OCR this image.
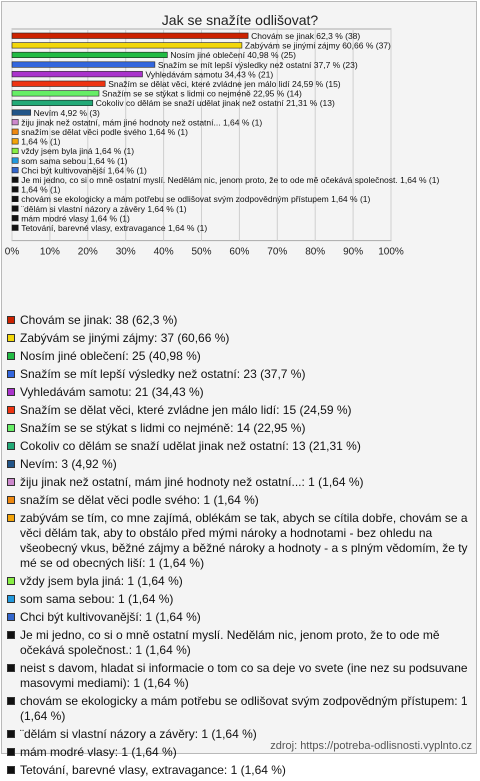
Jak se snažíte odlišovat?
0% 10% 20% 30% 40% 50% 60% 70% 80% 90% 100%
Chovám se jinak 62,3 % (38)
Zabývám se jinými zájmy 60,66 % (37)
Nosím jiné oblečení 40,98 % (25)
Snažím se mít lepší výsledky než ostatní 37,7 % (23)
Vyhledávám samotu 34,43 % (21)
Snažím se dělat věci, které zvládne jen málo lidí 24,59 % (15)
Snažím se se stýkat s lidmi co nejméně 22,95 % (14)
Cokoliv co dělám se snaží udělat jinak než ostatní 21,31 % (13)
Nevím 4,92 % (3)
žiju jinak než ostatní, mám jiné hodnoty než ostatní... 1,64 % (1)
snažím se dělat věci podle svého 1,64 % (1)
1,64 % (1)
vždy jsem byla jiná 1,64 % (1)
som sama sebou 1,64 % (1)
Chci být kultivovanější 1,64 % (1)
Je mi jedno, co si o mně ostatní myslí. Nedělám nic, jenom proto, že to ode mě očekává společnost. 1,64 % (1)
1,64 % (1)
chovám se ekologicky a mám potřebu se odlišovat svým zodpovědným přístupem 1,64 % (1)
¨dělám si vlastní názory a závěry 1,64 % (1)
mám modré vlasy 1,64 % (1)
Tetování, barevné vlasy, extravagance 1,64 % (1)
Chovám se jinak: 38 (62,3 %)
Zabývám se jinými zájmy: 37 (60,66 %)
Nosím jiné oblečení: 25 (40,98 %)
Snažím se mít lepší výsledky než ostatní: 23 (37,7 %)
Vyhledávám samotu: 21 (34,43 %)
Snažím se dělat věci, které zvládne jen málo lidí: 15 (24,59 %)
Snažím se se stýkat s lidmi co nejméně: 14 (22,95 %)
Cokoliv co dělám se snaží udělat jinak než ostatní: 13 (21,31 %)
Nevím: 3 (4,92 %)
žiju jinak než ostatní, mám jiné hodnoty než ostatní...: 1 (1,64 %)
snažím se dělat věci podle svého: 1 (1,64 %)
zabývám se tím, co mne zajímá, oblékám se tak, abych se cítila dobře, chovám se a věci dělám tak, aby to obstálo před mými nároky a hodnotami - bez ohledu na všeobecný vkus, běžné zájmy a běžné nároky a hodnoty - a s plným vědomím, že ty mé se od obecných liší: 1 (1,64 %)
vždy jsem byla jiná: 1 (1,64 %)
som sama sebou: 1 (1,64 %)
Chci být kultivovanější: 1 (1,64 %)
Je mi jedno, co si o mně ostatní myslí. Nedělám nic, jenom proto, že to ode mě očekává společnost.: 1 (1,64 %)
neist s davom, hladat si informacie o tom co sa deje vo svete (ine nez su podsuvane masovymi mediami): 1 (1,64 %)
chovám se ekologicky a mám potřebu se odlišovat svým zodpovědným přístupem: 1 (1,64 %)
¨dělám si vlastní názory a závěry: 1 (1,64 %)
mám modré vlasy: 1 (1,64 %)
Tetování, barevné vlasy, extravagance: 1 (1,64 %)
zdroj: https://potreba-odlisnosti.vyplnto.cz
